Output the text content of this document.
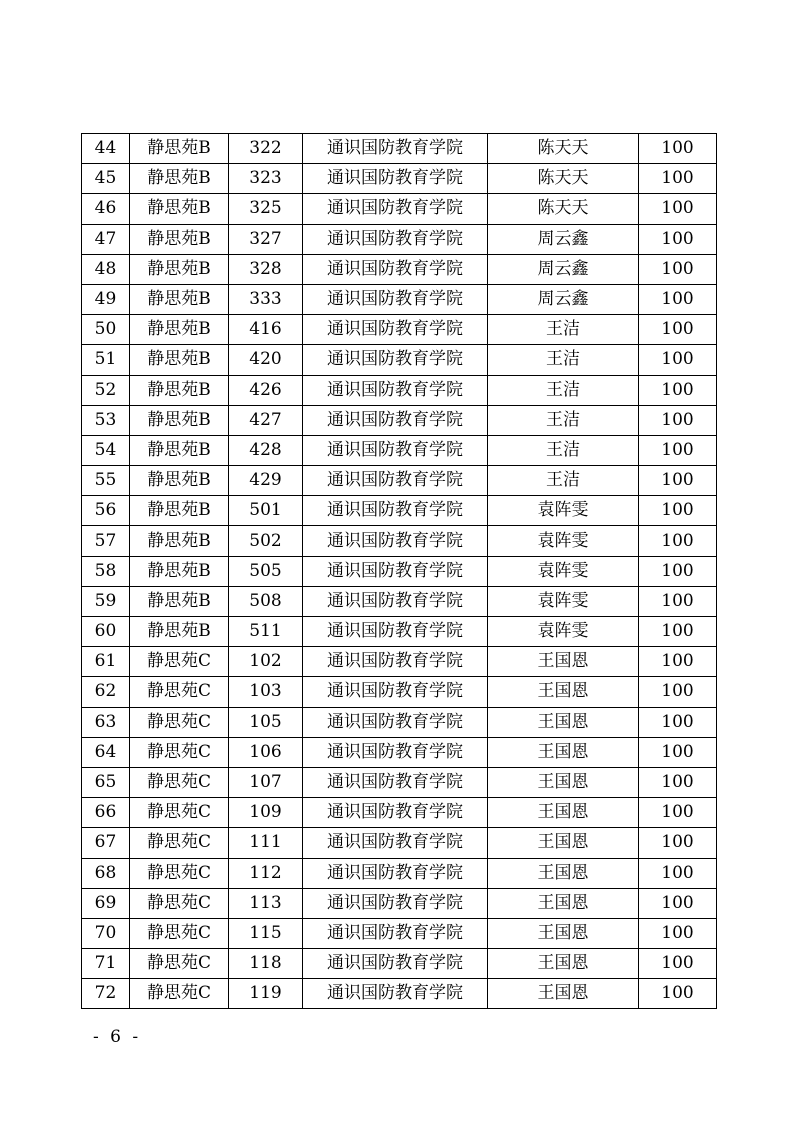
44	静思苑B	322	通识国防教育学院	陈天天	100
45	静思苑B	323	通识国防教育学院	陈天天	100
46	静思苑B	325	通识国防教育学院	陈天天	100
47	静思苑B	327	通识国防教育学院	周云鑫	100
48	静思苑B	328	通识国防教育学院	周云鑫	100
49	静思苑B	333	通识国防教育学院	周云鑫	100
50	静思苑B	416	通识国防教育学院	王洁	100
51	静思苑B	420	通识国防教育学院	王洁	100
52	静思苑B	426	通识国防教育学院	王洁	100
53	静思苑B	427	通识国防教育学院	王洁	100
54	静思苑B	428	通识国防教育学院	王洁	100
55	静思苑B	429	通识国防教育学院	王洁	100
56	静思苑B	501	通识国防教育学院	袁阵雯	100
57	静思苑B	502	通识国防教育学院	袁阵雯	100
58	静思苑B	505	通识国防教育学院	袁阵雯	100
59	静思苑B	508	通识国防教育学院	袁阵雯	100
60	静思苑B	511	通识国防教育学院	袁阵雯	100
61	静思苑C	102	通识国防教育学院	王国恩	100
62	静思苑C	103	通识国防教育学院	王国恩	100
63	静思苑C	105	通识国防教育学院	王国恩	100
64	静思苑C	106	通识国防教育学院	王国恩	100
65	静思苑C	107	通识国防教育学院	王国恩	100
66	静思苑C	109	通识国防教育学院	王国恩	100
67	静思苑C	111	通识国防教育学院	王国恩	100
68	静思苑C	112	通识国防教育学院	王国恩	100
69	静思苑C	113	通识国防教育学院	王国恩	100
70	静思苑C	115	通识国防教育学院	王国恩	100
71	静思苑C	118	通识国防教育学院	王国恩	100
72	静思苑C	119	通识国防教育学院	王国恩	100
- 6 -
